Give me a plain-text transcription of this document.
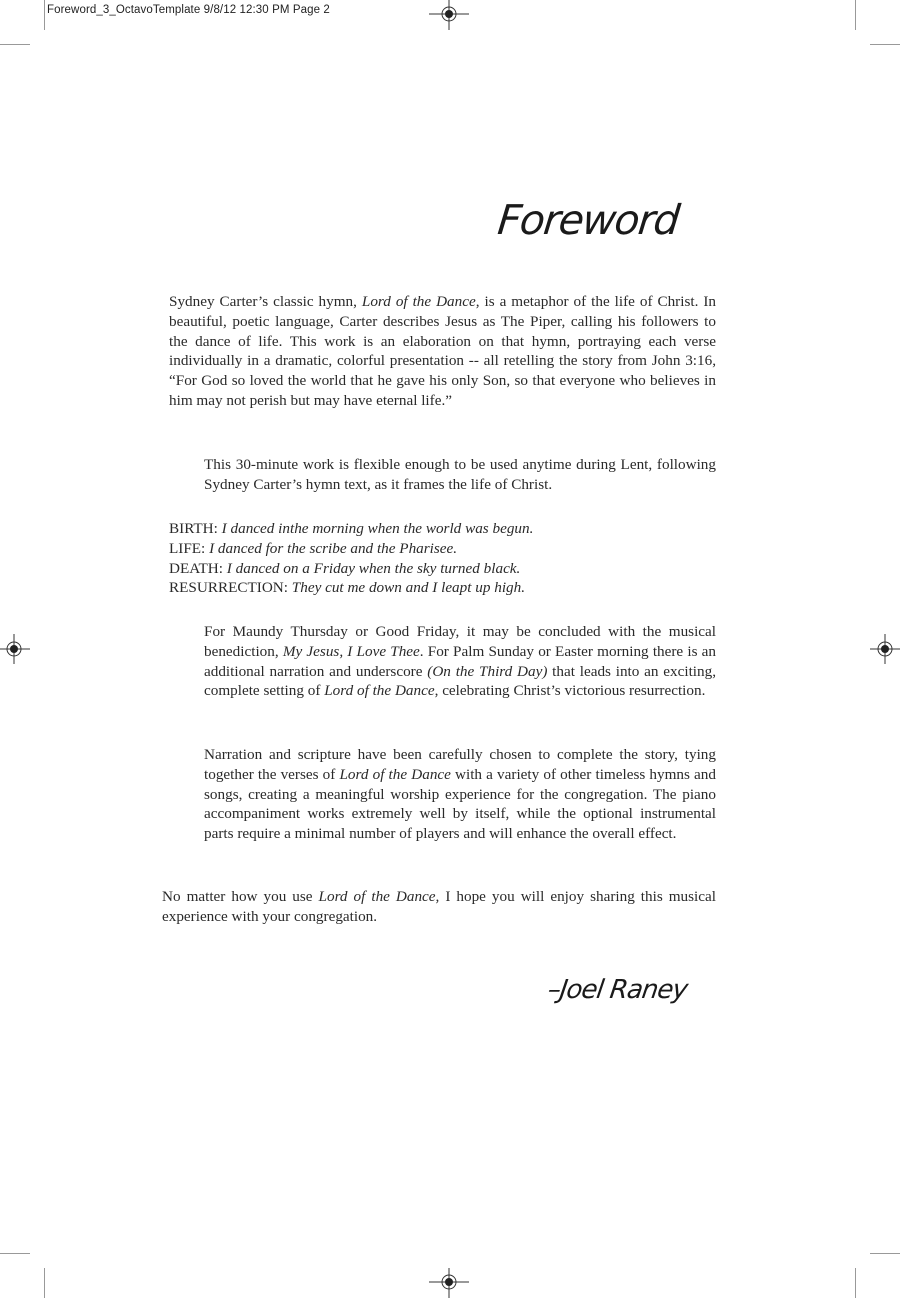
Foreword_3_OctavoTemplate 9/8/12 12:30 PM Page 2
Foreword

Sydney Carter’s classic hymn, Lord of the Dance, is a metaphor of the life of Christ. In beautiful, poetic language, Carter describes Jesus as The Piper, calling his followers to the dance of life. This work is an elaboration on that hymn, portraying each verse individually in a dramatic, colorful presentation -- all retelling the story from John 3:16, “For God so loved the world that he gave his only Son, so that everyone who believes in him may not perish but may have eternal life.”

This 30-minute work is flexible enough to be used anytime during Lent, following Sydney Carter’s hymn text, as it frames the life of Christ.

BIRTH: I danced inthe morning when the world was begun.
LIFE: I danced for the scribe and the Pharisee.
DEATH: I danced on a Friday when the sky turned black.
RESURRECTION: They cut me down and I leapt up high.

For Maundy Thursday or Good Friday, it may be concluded with the musical benediction, My Jesus, I Love Thee. For Palm Sunday or Easter morning there is an additional narration and underscore (On the Third Day) that leads into an exciting, complete setting of Lord of the Dance, celebrating Christ’s victorious resurrection.

Narration and scripture have been carefully chosen to complete the story, tying together the verses of Lord of the Dance with a variety of other timeless hymns and songs, creating a meaningful worship experience for the congregation. The piano accompaniment works extremely well by itself, while the optional instrumental parts require a minimal number of players and will enhance the overall effect.

No matter how you use Lord of the Dance, I hope you will enjoy sharing this musical experience with your congregation.

–Joel Raney
